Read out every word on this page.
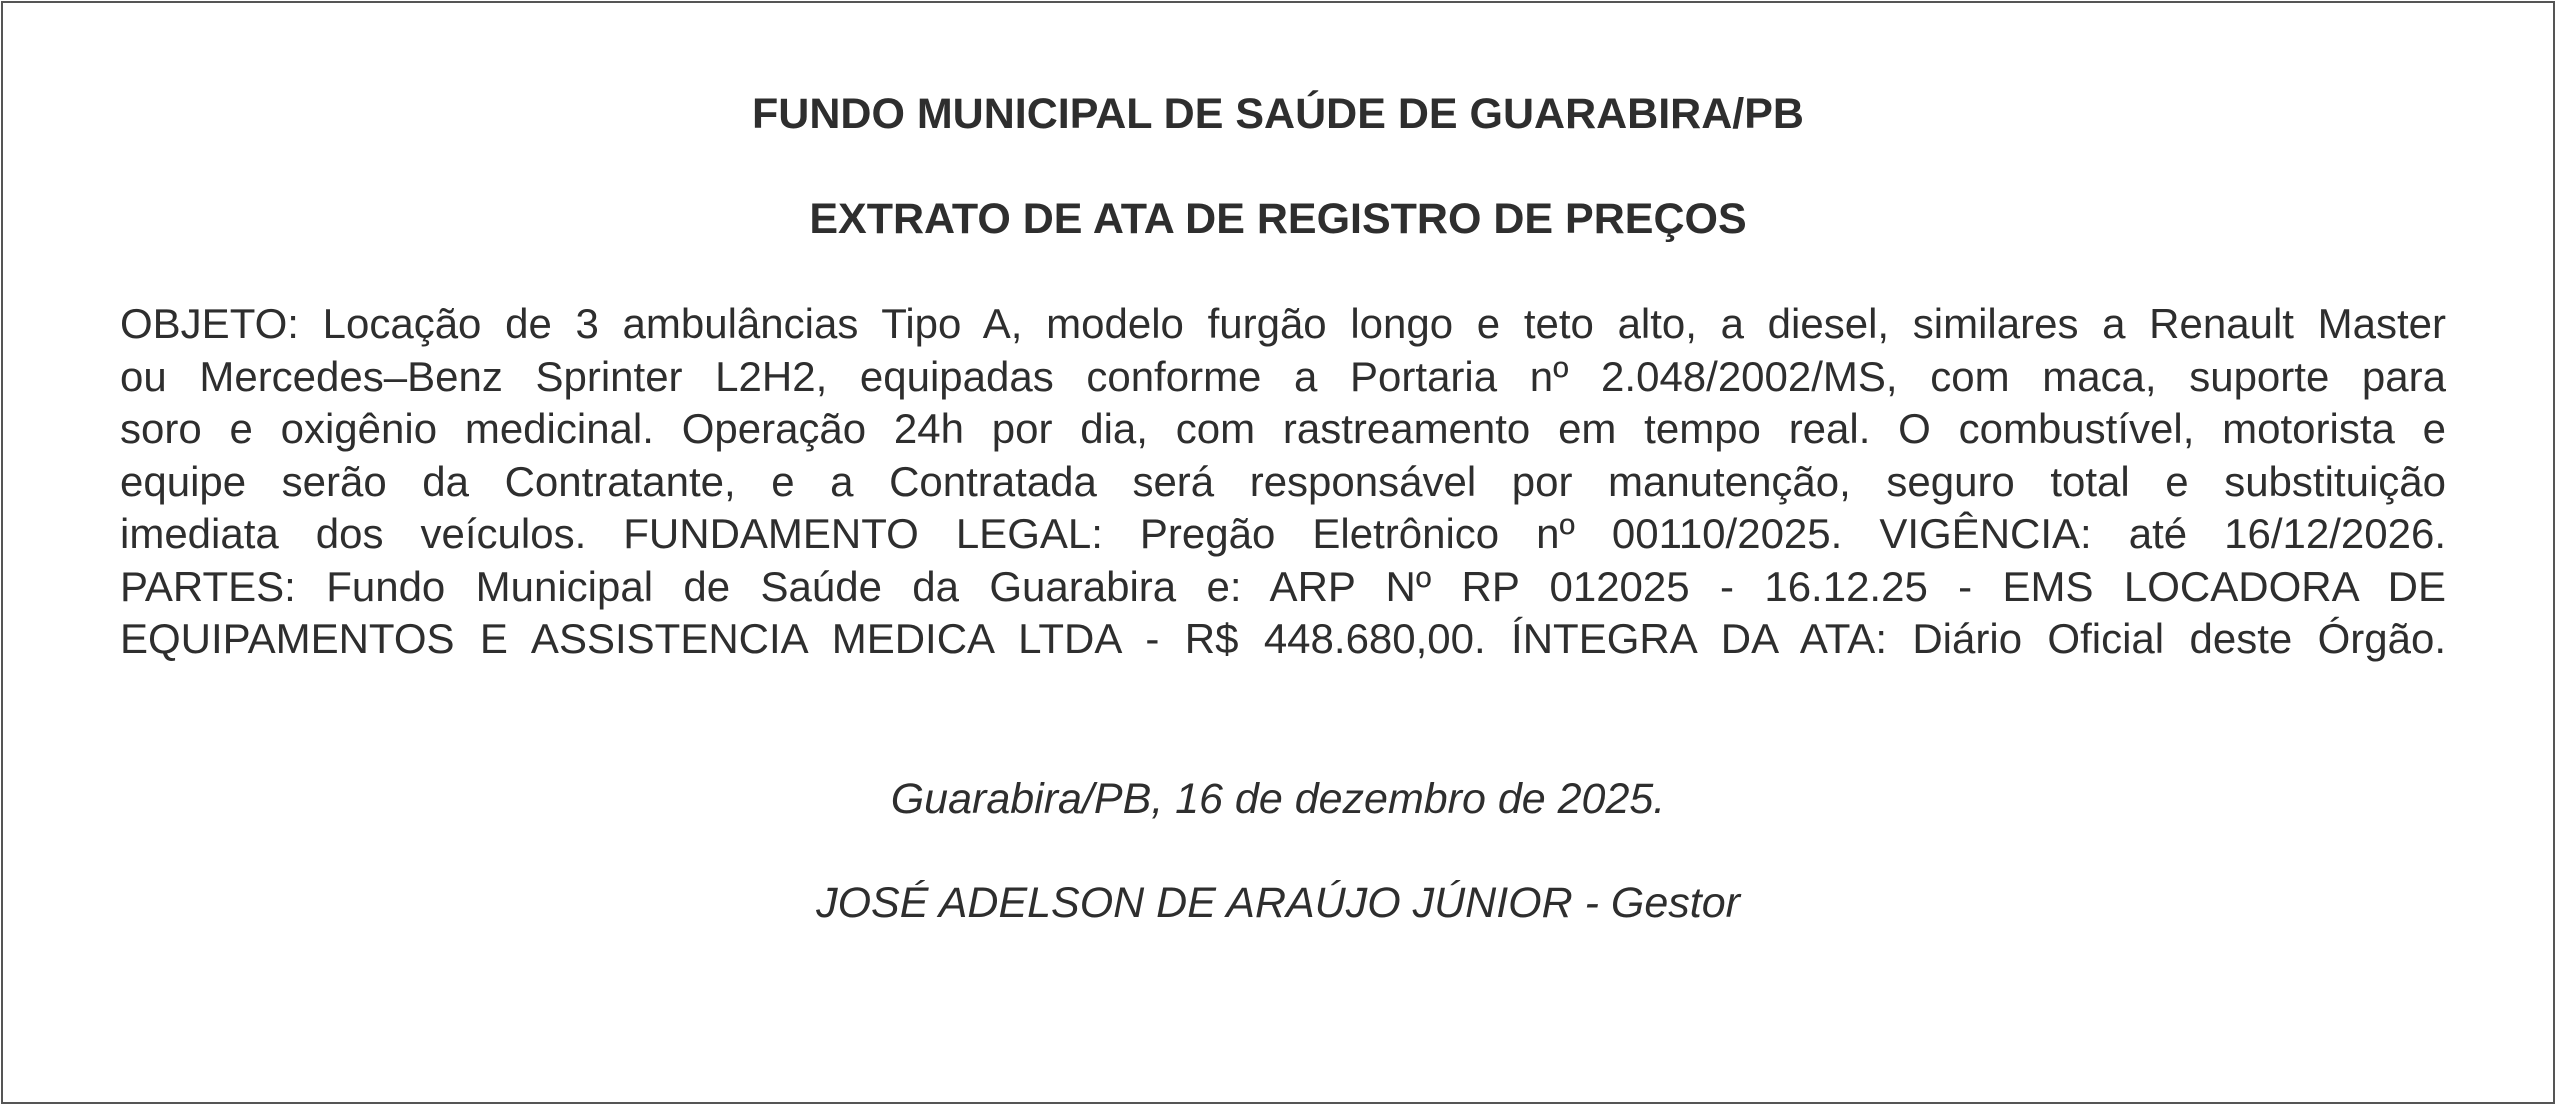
FUNDO MUNICIPAL DE SAÚDE DE GUARABIRA/PB
EXTRATO DE ATA DE REGISTRO DE PREÇOS
OBJETO: Locação de 3 ambulâncias Tipo A, modelo furgão longo e teto alto, a diesel, similares a Renault Master
ou Mercedes–Benz Sprinter L2H2, equipadas conforme a Portaria nº 2.048/2002/MS, com maca, suporte para
soro e oxigênio medicinal. Operação 24h por dia, com rastreamento em tempo real. O combustível, motorista e
equipe serão da Contratante, e a Contratada será responsável por manutenção, seguro total e substituição
imediata dos veículos. FUNDAMENTO LEGAL: Pregão Eletrônico nº 00110/2025. VIGÊNCIA: até 16/12/2026.
PARTES: Fundo Municipal de Saúde da Guarabira e: ARP Nº RP 012025 - 16.12.25 - EMS LOCADORA DE
EQUIPAMENTOS E ASSISTENCIA MEDICA LTDA - R$ 448.680,00. ÍNTEGRA DA ATA: Diário Oficial deste Órgão.
Guarabira/PB, 16 de dezembro de 2025.
JOSÉ ADELSON DE ARAÚJO JÚNIOR - Gestor
